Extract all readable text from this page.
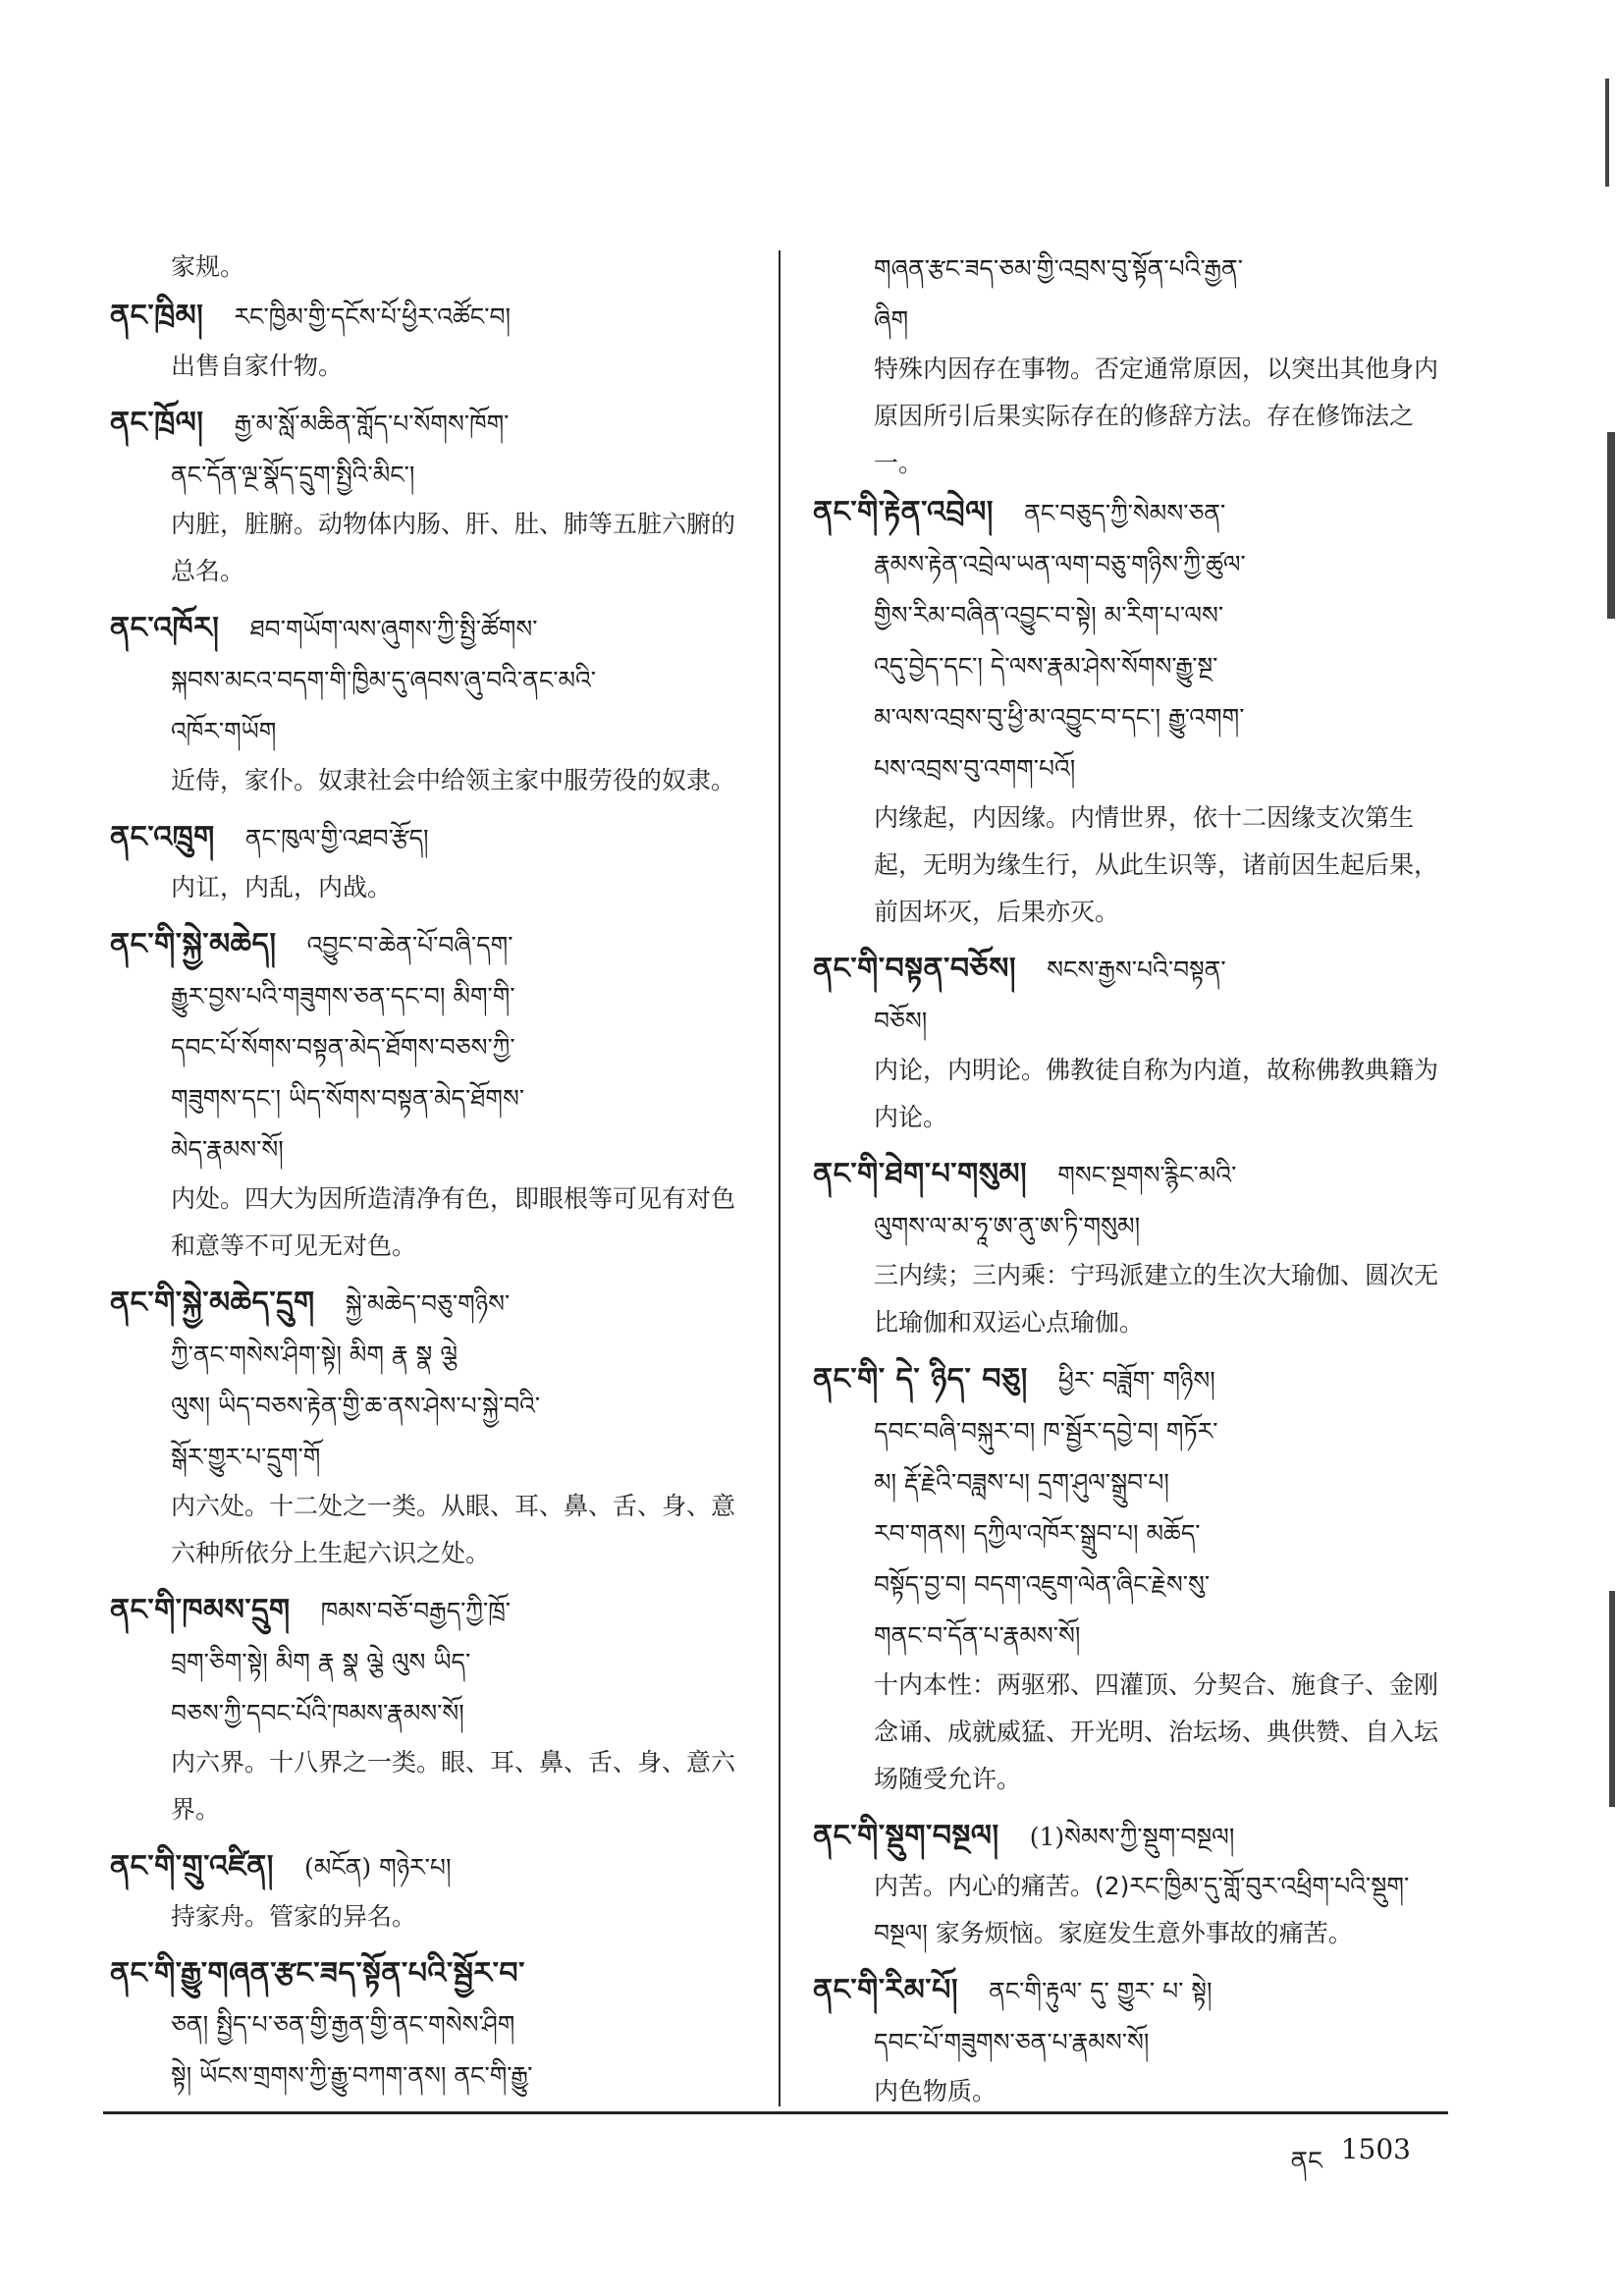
家规。
ནང་ཁྲིམ། རང་ཁྱིམ་གྱི་དངོས་པོ་ཕྱིར་འཚོང་བ།
出售自家什物。
ནང་ཁྲོལ། རྒྱ་མ་སློ་མཆིན་གློད་པ་སོགས་ཁོག་
ནང་དོན་ལྔ་སྣོད་དྲུག་སྤྱིའི་མིང་།
内脏，脏腑。动物体内肠、肝、肚、肺等五脏六腑的总名。
ནང་འཁོར། ཐབ་གཡོག་ལས་ཞུགས་ཀྱི་སྤྱི་ཚོགས་
སྐབས་མངའ་བདག་གི་ཁྱིམ་དུ་ཞབས་ཞུ་བའི་ནང་མའི་
འཁོར་གཡོག
近侍，家仆。奴隶社会中给领主家中服劳役的奴隶。
ནང་འཁྲུག ནང་ཁུལ་གྱི་འཐབ་རྩོད།
内讧，内乱，内战。
ནང་གི་སྐྱེ་མཆེད། འབྱུང་བ་ཆེན་པོ་བཞི་དག་
རྒྱུར་བྱས་པའི་གཟུགས་ཅན་དང་བ། མིག་གི་
དབང་པོ་སོགས་བསྟན་མེད་ཐོགས་བཅས་ཀྱི་
གཟུགས་དང་། ཡིད་སོགས་བསྟན་མེད་ཐོགས་
མེད་རྣམས་སོ།
内处。四大为因所造清净有色，即眼根等可见有对色和意等不可见无对色。
ནང་གི་སྐྱེ་མཆེད་དྲུག སྐྱེ་མཆེད་བཅུ་གཉིས་
ཀྱི་ནང་གསེས་ཤིག་སྟེ། མིག རྣ སྣ ལྕེ
ལུས། ཡིད་བཅས་རྟེན་གྱི་ཆ་ནས་ཤེས་པ་སྐྱེ་བའི་
སྒོར་གྱུར་པ་དྲུག་གོ
内六处。十二处之一类。从眼、耳、鼻、舌、身、意六种所依分上生起六识之处。
ནང་གི་ཁམས་དྲུག ཁམས་བཅོ་བརྒྱད་ཀྱི་ཁྲོ་
བྲག་ཅིག་སྟེ། མིག རྣ སྣ ལྕེ ལུས ཡིད་
བཅས་ཀྱི་དབང་པོའི་ཁམས་རྣམས་སོ།
内六界。十八界之一类。眼、耳、鼻、舌、身、意六界。
ནང་གི་གྲུ་འཛིན། (མངོན) གཉེར་པ།
持家舟。管家的异名。
ནང་གི་རྒྱུ་གཞན་རྩང་ཟད་སྟོན་པའི་སྦྱོར་བ་
ཅན། སྤྱིད་པ་ཅན་གྱི་རྒྱན་གྱི་ནང་གསེས་ཤིག
སྟེ། ཡོངས་གྲགས་ཀྱི་རྒྱུ་བཀག་ནས། ནང་གི་རྒྱུ་
གཞན་རྩང་ཟད་ཅམ་གྱི་འབྲས་བུ་སྟོན་པའི་རྒྱན་
ཞིག
特殊内因存在事物。否定通常原因，以突出其他身内原因所引后果实际存在的修辞方法。存在修饰法之一。
ནང་གི་རྟེན་འབྲེལ། ནང་བཅུད་ཀྱི་སེམས་ཅན་
རྣམས་རྟེན་འབྲེལ་ཡན་ལག་བཅུ་གཉིས་ཀྱི་ཚུལ་
གྱིས་རིམ་བཞིན་འབྱུང་བ་སྟེ། མ་རིག་པ་ལས་
འདུ་བྱེད་དང་། དེ་ལས་རྣམ་ཤེས་སོགས་རྒྱུ་སྔ་
མ་ལས་འབྲས་བུ་ཕྱི་མ་འབྱུང་བ་དང་། རྒྱུ་འགག་
པས་འབྲས་བུ་འགག་པའོ།
内缘起，内因缘。内情世界，依十二因缘支次第生起，无明为缘生行，从此生识等，诸前因生起后果，前因坏灭，后果亦灭。
ནང་གི་བསྟན་བཅོས། སངས་རྒྱས་པའི་བསྟན་
བཅོས།
内论，内明论。佛教徒自称为内道，故称佛教典籍为内论。
ནང་གི་ཐེག་པ་གསུམ། གསང་སྔགས་རྙིང་མའི་
ལུགས་ལ་མ་ཧཱ་ཨ་ནུ་ཨ་ཏི་གསུམ།
三内续；三内乘：宁玛派建立的生次大瑜伽、圆次无比瑜伽和双运心点瑜伽。
ནང་གི་ དེ་ ཉིད་ བཅུ། ཕྱིར་ བཟློག་ གཉིས།
དབང་བཞི་བསྐུར་བ། ཁ་སྦྱོར་དབྱེ་བ། གཏོར་
མ། རྡོ་རྗེའི་བཟླས་པ། དྲག་ཤུལ་སྒྲུབ་པ།
རབ་གནས། དཀྱིལ་འཁོར་སྒྲུབ་པ། མཆོད་
བསྟོད་བྱ་བ། བདག་འཇུག་ལེན་ཞིང་རྗེས་སུ་
གནང་བ་དོན་པ་རྣམས་སོ།
十内本性：两驱邪、四灌顶、分契合、施食子、金刚念诵、成就威猛、开光明、治坛场、典供赞、自入坛场随受允许。
ནང་གི་སྡུག་བསྔལ། (1)སེམས་ཀྱི་སྡུག་བསྔལ།
内苦。内心的痛苦。(2)རང་ཁྱིམ་དུ་གློ་བུར་འཕྲིག་པའི་སྡུག་བསྔལ། 家务烦恼。家庭发生意外事故的痛苦。
ནང་གི་རིམ་པོ། ནང་གི་རྟུལ་ དུ་ གྱུར་ པ་ སྟེ།
དབང་པོ་གཟུགས་ཅན་པ་རྣམས་སོ།
内色物质。
ནང 1503
